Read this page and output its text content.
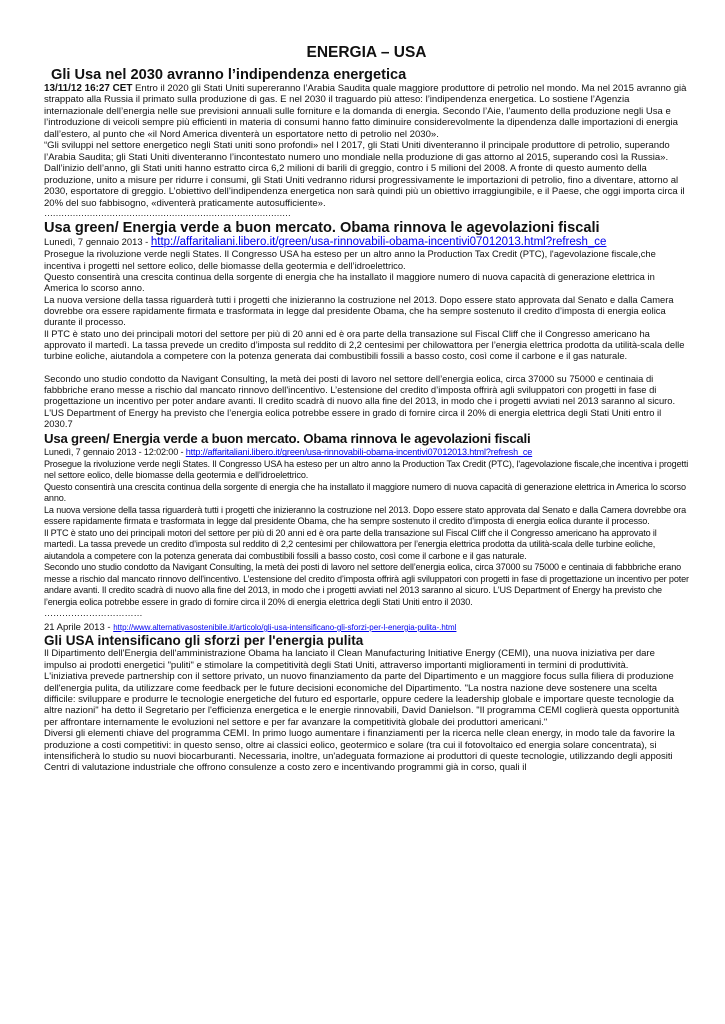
ENERGIA – USA
Gli Usa nel 2030 avranno l’indipendenza energetica

13/11/12 16:27 CET Entro il 2020 gli Stati Uniti supereranno l’Arabia Saudita quale maggiore produttore di petrolio nel mondo. Ma nel 2015 avranno già strappato alla Russia il primato sulla produzione di gas. E nel 2030 il traguardo più atteso: l’indipendenza energetica. Lo sostiene l’Agenzia internazionale dell’energia nelle sue previsioni annuali sulle forniture e la domanda di energia. Secondo l’Aie, l’aumento della produzione negli Usa e l’introduzione di veicoli sempre più efficienti in materia di consumi hanno fatto diminuire considerevolmente la dipendenza dalle importazioni di energia dall’estero, al punto che «il Nord America diventerà un esportatore netto di petrolio nel 2030».

“Gli sviluppi nel settore energetico negli Stati uniti sono profondi» nel l 2017, gli Stati Uniti diventeranno il principale produttore di petrolio, superando l’Arabia Saudita; gli Stati Uniti diventeranno l’incontestato numero uno mondiale nella produzione di gas attorno al 2015, superando così la Russia».

Dall’inizio dell’anno, gli Stati uniti hanno estratto circa 6,2 milioni di barili di greggio, contro i 5 milioni del 2008. A fronte di questo aumento della produzione, unito a misure per ridurre i consumi, gli Stati Uniti vedranno ridursi progressivamente le importazioni di petrolio, fino a diventare, attorno al 2030, esportatore di greggio. L’obiettivo dell’indipendenza energetica non sarà quindi più un obiettivo irraggiungibile, e il Paese, che oggi importa circa il 20% del suo fabbisogno, «diventerà praticamente autosufficiente».

……………………………………………………………………………

Usa green/ Energia verde a buon mercato. Obama rinnova le agevolazioni fiscali

Lunedì, 7 gennaio 2013 - http://affaritaliani.libero.it/green/usa-rinnovabili-obama-incentivi07012013.html?refresh_ce

Prosegue la rivoluzione verde negli States. Il Congresso USA ha esteso per un altro anno la Production Tax Credit (PTC), l'agevolazione fiscale,che incentiva i progetti nel settore eolico, delle biomasse della geotermia e dell’idroelettrico.

Questo consentirà una crescita continua della sorgente di energia che ha installato il maggiore numero di nuova capacità di generazione elettrica in America lo scorso anno.

La nuova versione della tassa riguarderà tutti i progetti che inizieranno la costruzione nel 2013. Dopo essere stato approvata dal Senato e dalla Camera dovrebbe ora essere rapidamente firmata e trasformata in legge dal presidente Obama, che ha sempre sostenuto il credito d’imposta di energia eolica durante il processo.

Il PTC è stato uno dei principali motori del settore per più di 20 anni ed è ora parte della transazione sul Fiscal Cliff che il Congresso americano ha approvato il martedì. La tassa prevede un credito d’imposta sul reddito di 2,2 centesimi per chilowattora per l’energia elettrica prodotta da utilità-scala delle turbine eoliche, aiutandola a competere con la potenza generata dai combustibili fossili a basso costo, così come il carbone e il gas naturale.

Secondo uno studio condotto da Navigant Consulting, la metà dei posti di lavoro nel settore dell’energia eolica, circa 37000 su 75000 e centinaia di fabbbriche erano messe a rischio dal mancato rinnovo dell'incentivo. L’estensione del credito d’imposta offrirà agli sviluppatori con progetti in fase di progettazione un incentivo per poter andare avanti. Il credito scadrà di nuovo alla fine del 2013, in modo che i progetti avviati nel 2013 saranno al sicuro. L'US Department of Energy ha previsto che l’energia eolica potrebbe essere in grado di fornire circa il 20% di energia elettrica degli Stati Uniti entro il 2030.7

Usa green/ Energia verde a buon mercato. Obama rinnova le agevolazioni fiscali

Lunedì, 7 gennaio 2013 - 12:02:00 - http://affaritaliani.libero.it/green/usa-rinnovabili-obama-incentivi07012013.html?refresh_ce

Prosegue la rivoluzione verde negli States. Il Congresso USA ha esteso per un altro anno la Production Tax Credit (PTC), l'agevolazione fiscale,che incentiva i progetti nel settore eolico, delle biomasse della geotermia e dell’idroelettrico.

Questo consentirà una crescita continua della sorgente di energia che ha installato il maggiore numero di nuova capacità di generazione elettrica in America lo scorso anno.

La nuova versione della tassa riguarderà tutti i progetti che inizieranno la costruzione nel 2013. Dopo essere stato approvata dal Senato e dalla Camera dovrebbe ora essere rapidamente firmata e trasformata in legge dal presidente Obama, che ha sempre sostenuto il credito d’imposta di energia eolica durante il processo.

Il PTC è stato uno dei principali motori del settore per più di 20 anni ed è ora parte della transazione sul Fiscal Cliff che il Congresso americano ha approvato il martedì. La tassa prevede un credito d’imposta sul reddito di 2,2 centesimi per chilowattora per l’energia elettrica prodotta da utilità-scala delle turbine eoliche, aiutandola a competere con la potenza generata dai combustibili fossili a basso costo, così come il carbone e il gas naturale.

Secondo uno studio condotto da Navigant Consulting, la metà dei posti di lavoro nel settore dell’energia eolica, circa 37000 su 75000 e centinaia di fabbbriche erano messe a rischio dal mancato rinnovo dell'incentivo. L’estensione del credito d’imposta offrirà agli sviluppatori con progetti in fase di progettazione un incentivo per poter andare avanti. Il credito scadrà di nuovo alla fine del 2013, in modo che i progetti avviati nel 2013 saranno al sicuro. L'US Department of Energy ha previsto che l’energia eolica potrebbe essere in grado di fornire circa il 20% di energia elettrica degli Stati Uniti entro il 2030.

……………………………

21 Aprile 2013 - http://www.alternativasostenibile.it/articolo/gli-usa-intensificano-gli-sforzi-per-l-energia-pulita-.html

Gli USA intensificano gli sforzi per l'energia pulita

Il Dipartimento dell'Energia dell'amministrazione Obama ha lanciato il Clean Manufacturing Initiative Energy (CEMI), una nuova iniziativa per dare impulso ai prodotti energetici "puliti" e stimolare la competitività degli Stati Uniti, attraverso importanti miglioramenti in termini di produttività.

L'iniziativa prevede partnership con il settore privato, un nuovo finanziamento da parte del Dipartimento e un maggiore focus sulla filiera di produzione dell'energia pulita, da utilizzare come feedback per le future decisioni economiche del Dipartimento. "La nostra nazione deve sostenere una scelta difficile: sviluppare e produrre le tecnologie energetiche del futuro ed esportarle, oppure cedere la leadership globale e importare queste tecnologie da altre nazioni" ha detto il Segretario per l'efficienza energetica e le energie rinnovabili, David Danielson. "Il programma CEMI coglierà questa opportunità per affrontare internamente le evoluzioni nel settore e per far avanzare la competitività globale dei produttori americani."

Diversi gli elementi chiave del programma CEMI. In primo luogo aumentare i finanziamenti per la ricerca nelle clean energy, in modo tale da favorire la produzione a costi competitivi: in questo senso, oltre ai classici eolico, geotermico e solare (tra cui il fotovoltaico ed energia solare concentrata), si intensificherà lo studio su nuovi biocarburanti. Necessaria, inoltre, un'adeguata formazione ai produttori di queste tecnologie, utilizzando degli appositi Centri di valutazione industriale che offrono consulenze a costo zero e incentivando programmi già in corso, quali il
